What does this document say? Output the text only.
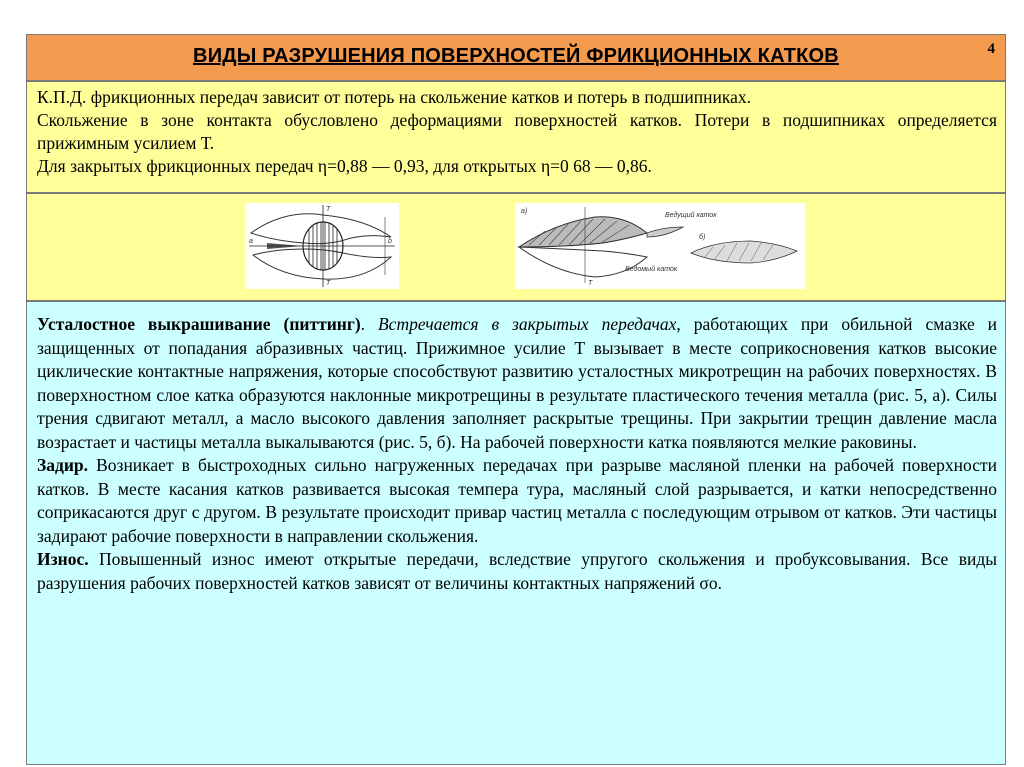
ВИДЫ РАЗРУШЕНИЯ ПОВЕРХНОСТЕЙ ФРИКЦИОННЫХ КАТКОВ	4

К.П.Д. фрикционных передач зависит от потерь на скольжение катков и потерь в подшипниках.

Скольжение в зоне контакта обусловлено деформациями поверхностей катков. Потери в подшипниках определяется прижимным усилием Т.

Для закрытых фрикционных передач η=0,88 — 0,93, для открытых η=0 68 — 0,86.

T
T
a	b
a)
б)
Ведущий каток
Ведомый каток
T

Усталостное выкрашивание (питтинг). Встречается в закрытых передачах, работающих при обильной смазке и защищенных от попадания абразивных частиц. Прижимное усилие Т вызывает в месте соприкосновения катков высокие циклические контактные напряжения, которые способствуют развитию усталостных микротрещин на рабочих поверхностях. В поверхностном слое катка образуются наклонные микротрещины в результате пластического течения металла (рис. 5, а). Силы трения сдвигают металл, а масло высокого давления заполняет раскрытые трещины. При закрытии трещин давление масла возрастает и частицы металла выкалываются (рис. 5, б). На рабочей поверхности катка появляются мелкие раковины.

Задир. Возникает в быстроходных сильно нагруженных передачах при разрыве масляной пленки на рабочей поверхности катков. В месте касания катков развивается высокая темпера тура, масляный слой разрывается, и катки непосредственно соприкасаются друг с другом. В результате происходит привар частиц металла с последующим отрывом от катков. Эти частицы задирают рабочие поверхности в направлении скольжения.

Износ. Повышенный износ имеют открытые передачи, вследствие упругого скольжения и пробуксовывания. Все виды разрушения рабочих поверхностей катков зависят от величины контактных напряжений σо.
